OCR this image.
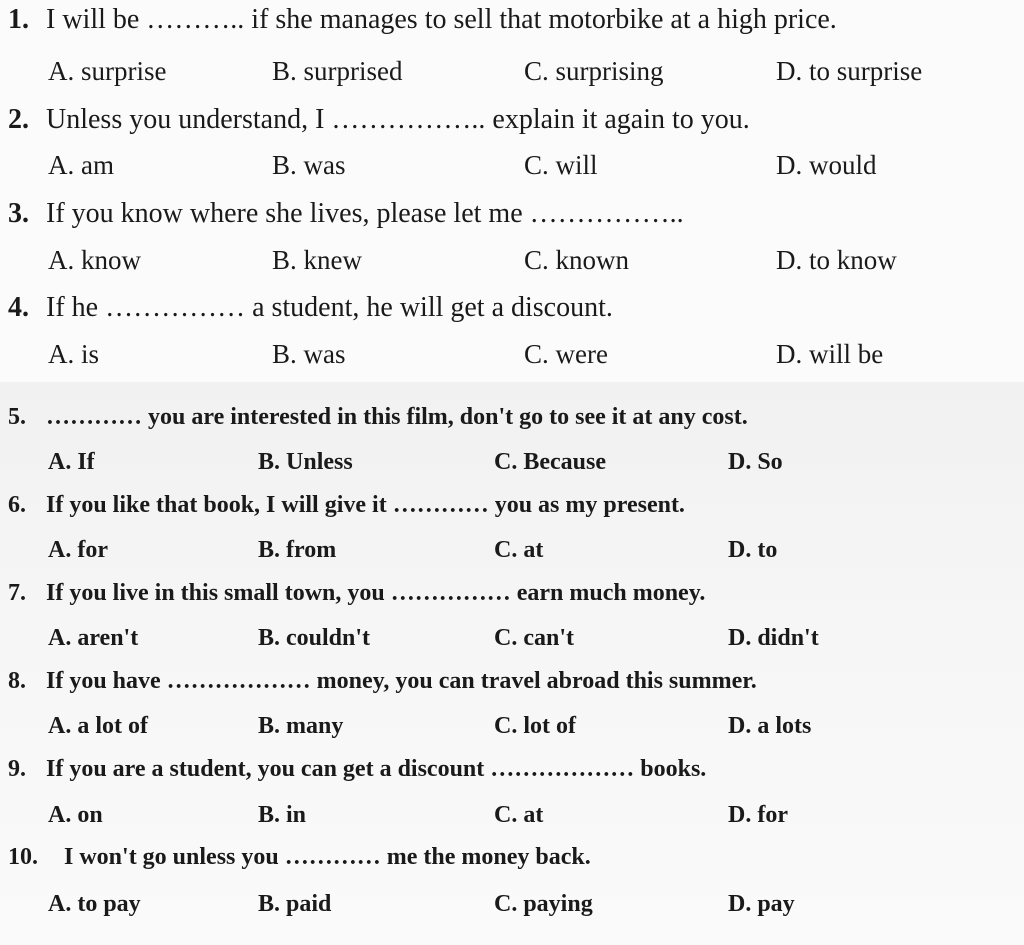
1. I will be ……….. if she manages to sell that motorbike at a high price.
A. surprise	B. surprised	C. surprising	D. to surprise
2. Unless you understand, I …………….. explain it again to you.
A. am	B. was	C. will	D. would
3. If you know where she lives, please let me ……………..
A. know	B. knew	C. known	D. to know
4. If he …………… a student, he will get a discount.
A. is	B. was	C. were	D. will be
5. ………… you are interested in this film, don't go to see it at any cost.
A. If	B. Unless	C. Because	D. So
6. If you like that book, I will give it ………… you as my present.
A. for	B. from	C. at	D. to
7. If you live in this small town, you …………… earn much money.
A. aren't	B. couldn't	C. can't	D. didn't
8. If you have ……………… money, you can travel abroad this summer.
A. a lot of	B. many	C. lot of	D. a lots
9. If you are a student, you can get a discount ……………… books.
A. on	B. in	C. at	D. for
10. I won't go unless you ………… me the money back.
A. to pay	B. paid	C. paying	D. pay
